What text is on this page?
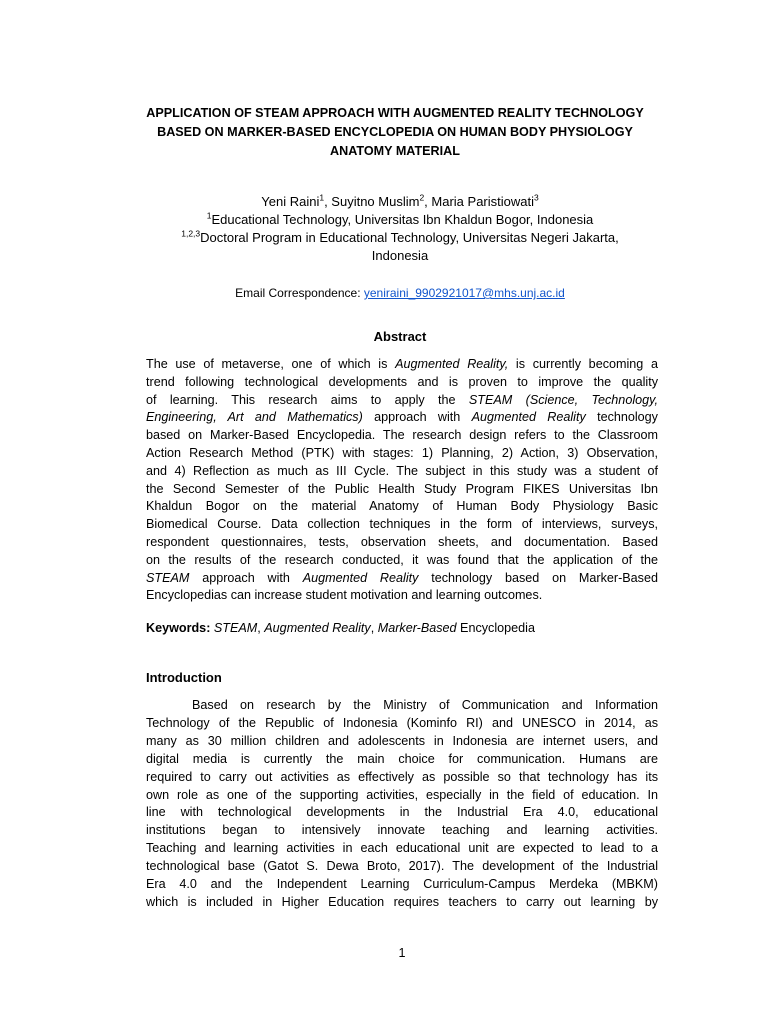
APPLICATION OF STEAM APPROACH WITH AUGMENTED REALITY TECHNOLOGY
BASED ON MARKER-BASED ENCYCLOPEDIA ON HUMAN BODY PHYSIOLOGY
ANATOMY MATERIAL
Yeni Raini$^1$, Suyitno Muslim$^2$, Maria Paristiowati$^3$
$^1$Educational Technology, Universitas Ibn Khaldun Bogor, Indonesia
$^{1,2,3}$Doctoral Program in Educational Technology, Universitas Negeri Jakarta,
Indonesia
Email Correspondence: yeniraini_9902921017@mhs.unj.ac.id
Abstract
The use of metaverse, one of which is Augmented Reality, is currently becoming a
trend following technological developments and is proven to improve the quality
of learning. This research aims to apply the STEAM (Science, Technology,
Engineering, Art and Mathematics) approach with Augmented Reality technology
based on Marker-Based Encyclopedia. The research design refers to the Classroom
Action Research Method (PTK) with stages: 1) Planning, 2) Action, 3) Observation,
and 4) Reflection as much as III Cycle. The subject in this study was a student of
the Second Semester of the Public Health Study Program FIKES Universitas Ibn
Khaldun Bogor on the material Anatomy of Human Body Physiology Basic
Biomedical Course. Data collection techniques in the form of interviews, surveys,
respondent questionnaires, tests, observation sheets, and documentation. Based
on the results of the research conducted, it was found that the application of the
STEAM approach with Augmented Reality technology based on Marker-Based
Encyclopedias can increase student motivation and learning outcomes.
Keywords: STEAM, Augmented Reality, Marker-Based Encyclopedia
Introduction
Based on research by the Ministry of Communication and Information
Technology of the Republic of Indonesia (Kominfo RI) and UNESCO in 2014, as
many as 30 million children and adolescents in Indonesia are internet users, and
digital media is currently the main choice for communication. Humans are
required to carry out activities as effectively as possible so that technology has its
own role as one of the supporting activities, especially in the field of education. In
line with technological developments in the Industrial Era 4.0, educational
institutions began to intensively innovate teaching and learning activities.
Teaching and learning activities in each educational unit are expected to lead to a
technological base (Gatot S. Dewa Broto, 2017). The development of the Industrial
Era 4.0 and the Independent Learning Curriculum-Campus Merdeka (MBKM)
which is included in Higher Education requires teachers to carry out learning by
1
